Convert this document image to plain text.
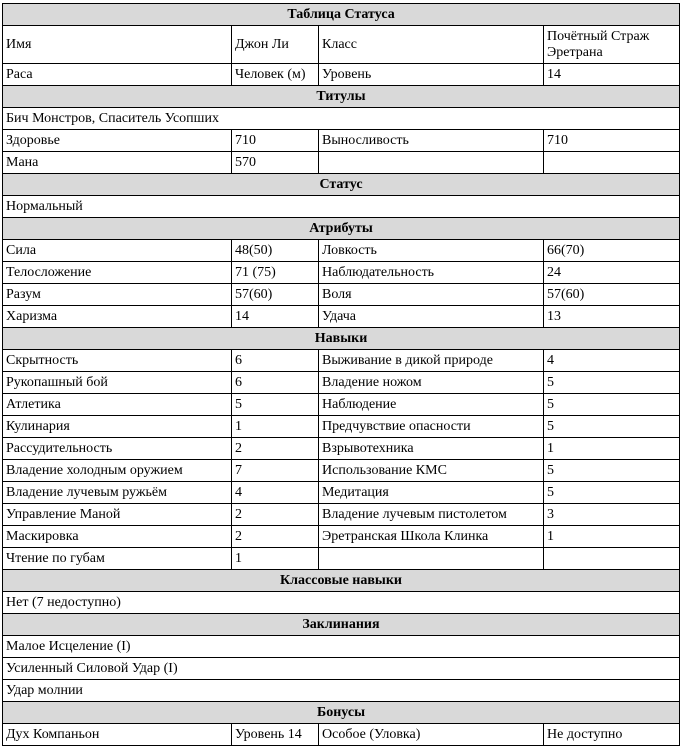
Таблица Статуса			
Имя	Джон Ли	Класс	Почётный Страж Эретрана
Раса	Человек (м)	Уровень	14
Титулы			
Бич Монстров, Спаситель Усопших			
Здоровье	710	Выносливость	710
Мана	570		
Статус			
Нормальный			
Атрибуты			
Сила	48(50)	Ловкость	66(70)
Телосложение	71 (75)	Наблюдательность	24
Разум	57(60)	Воля	57(60)
Харизма	14	Удача	13
Навыки			
Скрытность	6	Выживание в дикой природе	4
Рукопашный бой	6	Владение ножом	5
Атлетика	5	Наблюдение	5
Кулинария	1	Предчувствие опасности	5
Рассудительность	2	Взрывотехника	1
Владение холодным оружием	7	Использование КМС	5
Владение лучевым ружьём	4	Медитация	5
Управление Маной	2	Владение лучевым пистолетом	3
Маскировка	2	Эретранская Школа Клинка	1
Чтение по губам	1		
Классовые навыки			
Нет (7 недоступно)			
Заклинания			
Малое Исцеление (I)			
Усиленный Силовой Удар (I)			
Удар молнии			
Бонусы			
Дух Компаньон	Уровень 14	Особое (Уловка)	Не доступно
